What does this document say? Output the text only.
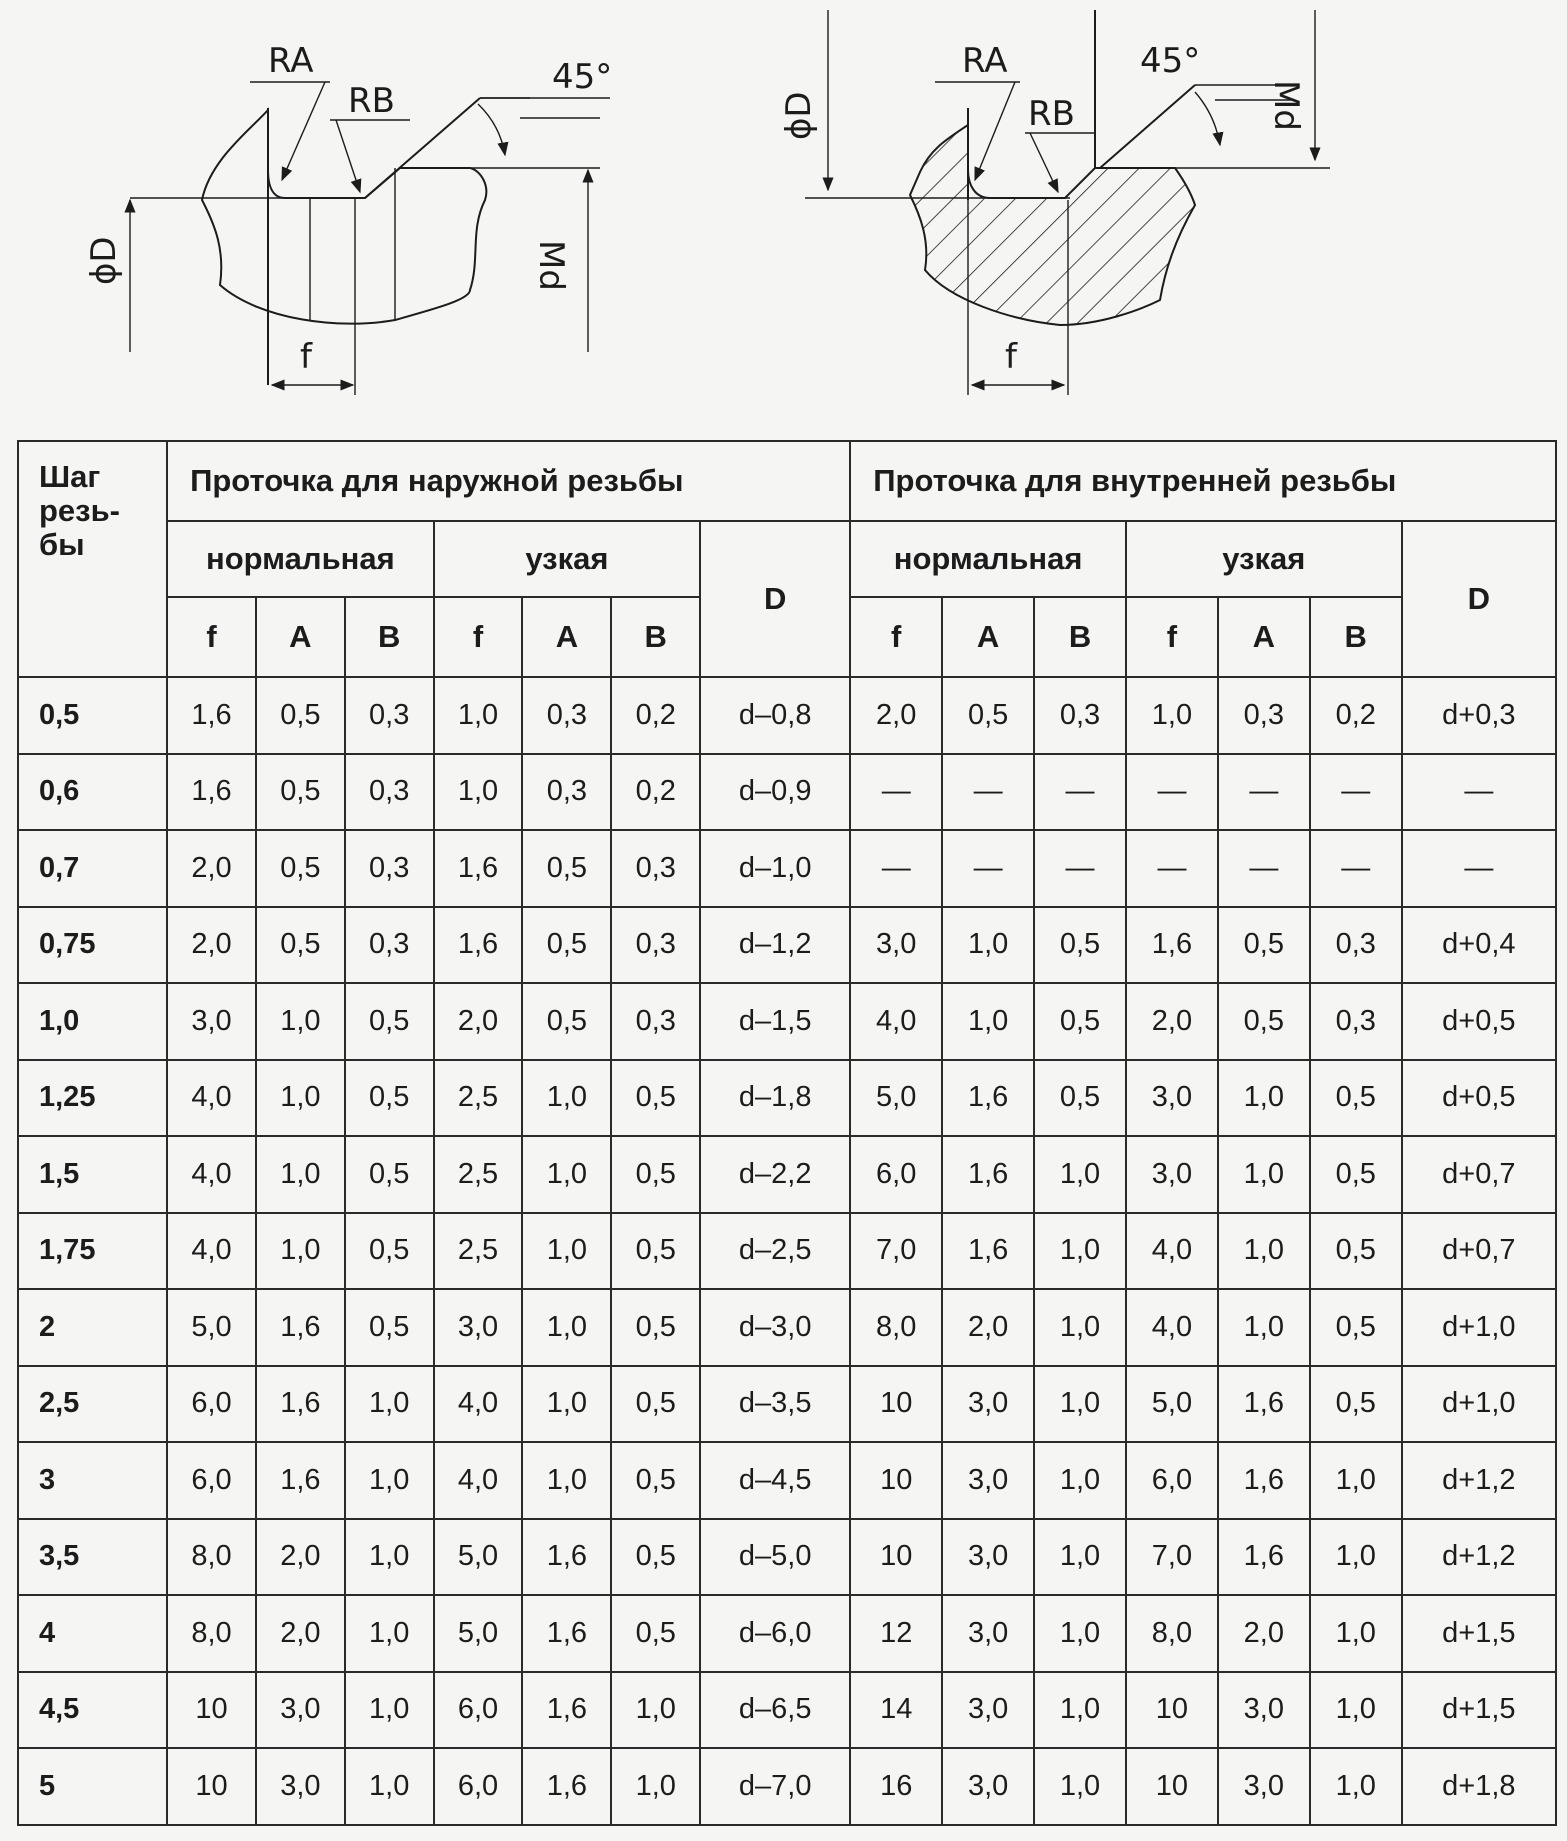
RA
RB
45°
ϕD	Md
f
RA
RB
45°
ϕD	Md
f
Шаг
резь-
бы	Проточка для наружной резьбы							Проточка для внутренней резьбы						
	нормальная			узкая			D	нормальная			узкая			D
	f	A	B	f	A	B		f	A	B	f	A	B	
0,5	1,6	0,5	0,3	1,0	0,3	0,2	d–0,8	2,0	0,5	0,3	1,0	0,3	0,2	d+0,3
0,6	1,6	0,5	0,3	1,0	0,3	0,2	d–0,9	—	—	—	—	—	—	—
0,7	2,0	0,5	0,3	1,6	0,5	0,3	d–1,0	—	—	—	—	—	—	—
0,75	2,0	0,5	0,3	1,6	0,5	0,3	d–1,2	3,0	1,0	0,5	1,6	0,5	0,3	d+0,4
1,0	3,0	1,0	0,5	2,0	0,5	0,3	d–1,5	4,0	1,0	0,5	2,0	0,5	0,3	d+0,5
1,25	4,0	1,0	0,5	2,5	1,0	0,5	d–1,8	5,0	1,6	0,5	3,0	1,0	0,5	d+0,5
1,5	4,0	1,0	0,5	2,5	1,0	0,5	d–2,2	6,0	1,6	1,0	3,0	1,0	0,5	d+0,7
1,75	4,0	1,0	0,5	2,5	1,0	0,5	d–2,5	7,0	1,6	1,0	4,0	1,0	0,5	d+0,7
2	5,0	1,6	0,5	3,0	1,0	0,5	d–3,0	8,0	2,0	1,0	4,0	1,0	0,5	d+1,0
2,5	6,0	1,6	1,0	4,0	1,0	0,5	d–3,5	10	3,0	1,0	5,0	1,6	0,5	d+1,0
3	6,0	1,6	1,0	4,0	1,0	0,5	d–4,5	10	3,0	1,0	6,0	1,6	1,0	d+1,2
3,5	8,0	2,0	1,0	5,0	1,6	0,5	d–5,0	10	3,0	1,0	7,0	1,6	1,0	d+1,2
4	8,0	2,0	1,0	5,0	1,6	0,5	d–6,0	12	3,0	1,0	8,0	2,0	1,0	d+1,5
4,5	10	3,0	1,0	6,0	1,6	1,0	d–6,5	14	3,0	1,0	10	3,0	1,0	d+1,5
5	10	3,0	1,0	6,0	1,6	1,0	d–7,0	16	3,0	1,0	10	3,0	1,0	d+1,8
